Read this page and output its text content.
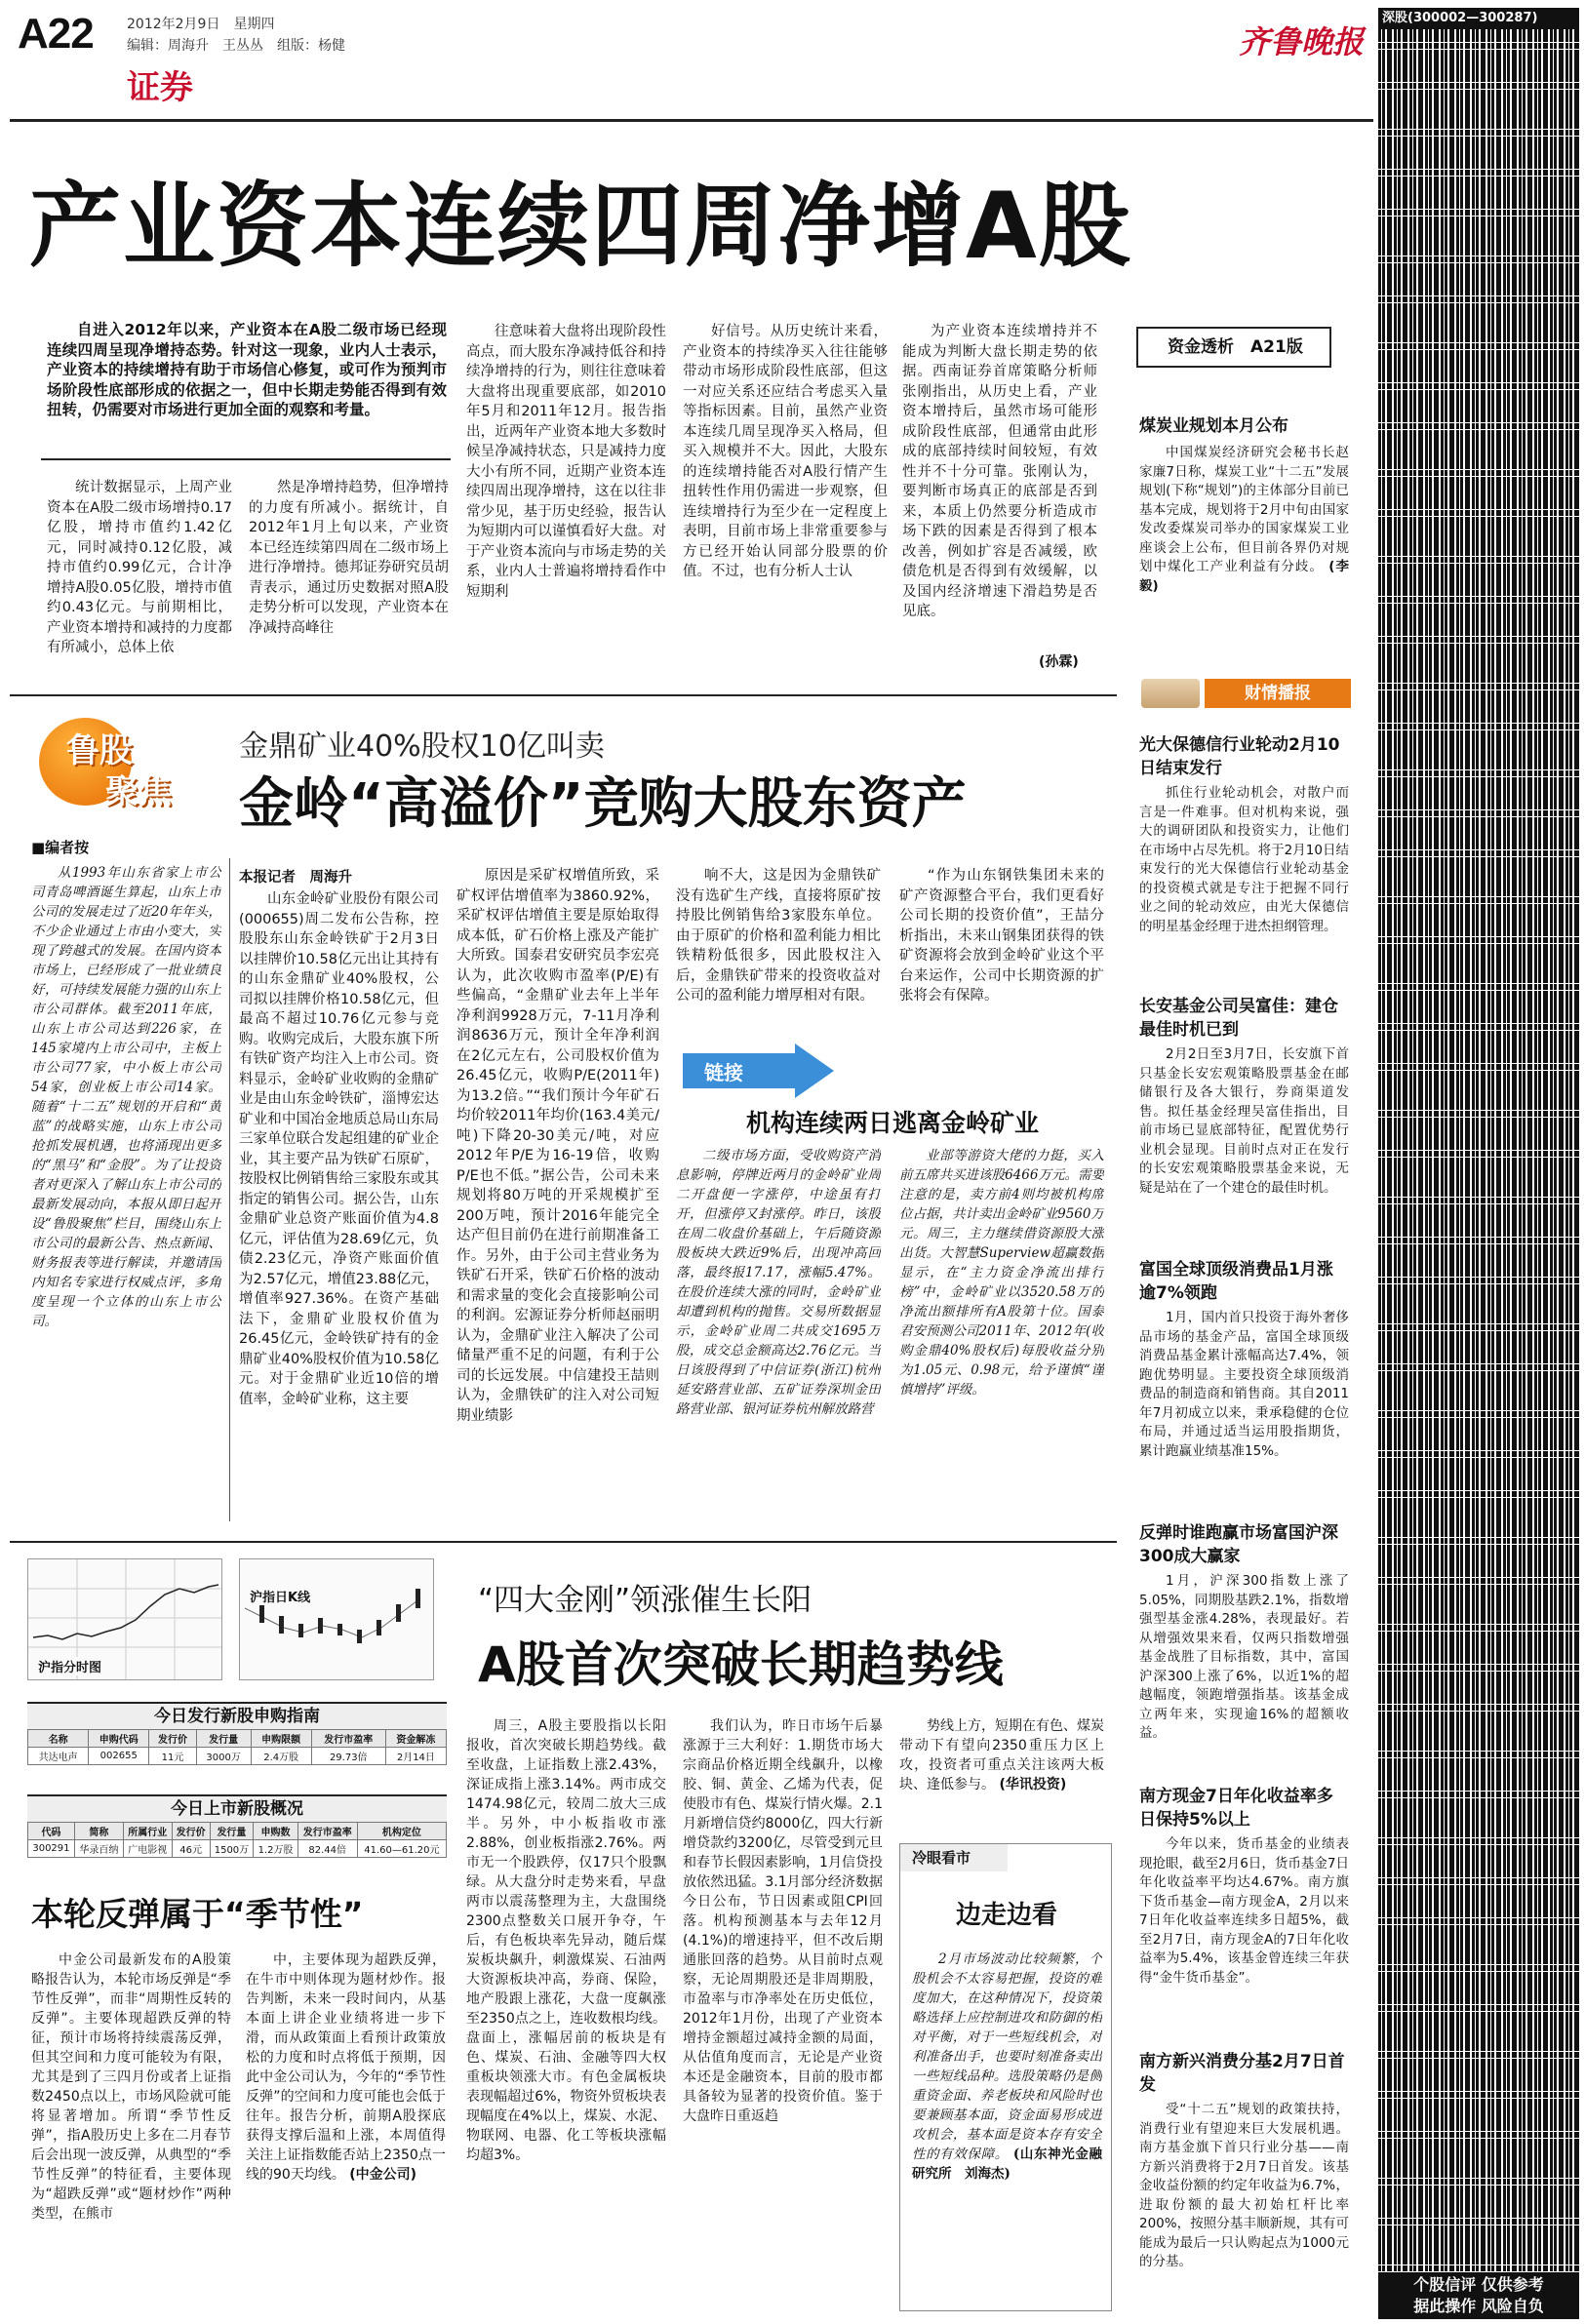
A22 2012年2月9日　星期四
编辑：周海升　王丛丛　组版：杨健
证券
齐鲁晚报
深股(300002—300287)
个股信评 仅供参考
据此操作 风险自负
产业资本连续四周净增A股
自进入2012年以来，产业资本在A股二级市场已经现连续四周呈现净增持态势。针对这一现象，业内人士表示，产业资本的持续增持有助于市场信心修复，或可作为预判市场阶段性底部形成的依据之一，但中长期走势能否得到有效扭转，仍需要对市场进行更加全面的观察和考量。
统计数据显示，上周产业资本在A股二级市场增持0.17亿股，增持市值约1.42亿元，同时减持0.12亿股，减持市值约0.99亿元，合计净增持A股0.05亿股，增持市值约0.43亿元。与前期相比，产业资本增持和减持的力度都有所减小，总体上依
然是净增持趋势，但净增持的力度有所减小。据统计，自2012年1月上旬以来，产业资本已经连续第四周在二级市场上进行净增持。德邦证券研究员胡青表示，通过历史数据对照A股走势分析可以发现，产业资本在净减持高峰往
往意味着大盘将出现阶段性高点，而大股东净减持低谷和持续净增持的行为，则往往意味着大盘将出现重要底部，如2010年5月和2011年12月。报告指出，近两年产业资本地大多数时候呈净减持状态，只是减持力度大小有所不同，近期产业资本连续四周出现净增持，这在以往非常少见，基于历史经验，报告认为短期内可以谨慎看好大盘。对于产业资本流向与市场走势的关系，业内人士普遍将增持看作中短期利
好信号。从历史统计来看，产业资本的持续净买入往往能够带动市场形成阶段性底部，但这一对应关系还应结合考虑买入量等指标因素。目前，虽然产业资本连续几周呈现净买入格局，但买入规模并不大。因此，大股东的连续增持能否对A股行情产生扭转性作用仍需进一步观察，但连续增持行为至少在一定程度上表明，目前市场上非常重要参与方已经开始认同部分股票的价值。不过，也有分析人士认
为产业资本连续增持并不能成为判断大盘长期走势的依据。西南证券首席策略分析师张刚指出，从历史上看，产业资本增持后，虽然市场可能形成阶段性底部，但通常由此形成的底部持续时间较短，有效性并不十分可靠。张刚认为，要判断市场真正的底部是否到来，本质上仍然要分析造成市场下跌的因素是否得到了根本改善，例如扩容是否减缓，欧债危机是否得到有效缓解，以及国内经济增速下滑趋势是否见底。
(孙霖)
资金透析　A21版
煤炭业规划本月公布
中国煤炭经济研究会秘书长赵家廉7日称，煤炭工业“十二五”发展规划(下称“规划”)的主体部分目前已基本完成，规划将于2月中旬由国家发改委煤炭司举办的国家煤炭工业座谈会上公布，但目前各界仍对规划中煤化工产业利益有分歧。 (李毅)
财情播报
光大保德信行业轮动2月10日结束发行
抓住行业轮动机会，对散户而言是一件难事。但对机构来说，强大的调研团队和投资实力，让他们在市场中占尽先机。将于2月10日结束发行的光大保德信行业轮动基金的投资模式就是专注于把握不同行业之间的轮动效应，由光大保德信的明星基金经理于进杰担纲管理。
长安基金公司吴富佳：建仓最佳时机已到
2月2日至3月7日，长安旗下首只基金长安宏观策略股票基金在邮储银行及各大银行，券商渠道发售。拟任基金经理吴富佳指出，目前市场已显底部特征，配置优势行业机会显现。目前时点对正在发行的长安宏观策略股票基金来说，无疑是站在了一个建仓的最佳时机。
富国全球顶级消费品1月涨逾7%领跑
1月，国内首只投资于海外奢侈品市场的基金产品，富国全球顶级消费品基金累计涨幅高达7.4%，领跑优势明显。主要投资全球顶级消费品的制造商和销售商。其自2011年7月初成立以来，秉承稳健的仓位布局，并通过适当运用股指期货，累计跑赢业绩基准15%。
反弹时谁跑赢市场富国沪深300成大赢家
1月，沪深300指数上涨了5.05%，同期股基跌2.1%，指数增强型基金涨4.28%，表现最好。若从增强效果来看，仅两只指数增强基金战胜了目标指数，其中，富国沪深300上涨了6%，以近1%的超越幅度，领跑增强指基。该基金成立两年来，实现逾16%的超额收益。
南方现金7日年化收益率多日保持5%以上
今年以来，货币基金的业绩表现抢眼，截至2月6日，货币基金7日年化收益率平均达4.67%。南方旗下货币基金—南方现金A，2月以来7日年化收益率连续多日超5%，截至2月7日，南方现金A的7日年化收益率为5.4%，该基金曾连续三年获得“金牛货币基金”。
南方新兴消费分基2月7日首发
受“十二五”规划的政策扶持，消费行业有望迎来巨大发展机遇。南方基金旗下首只行业分基——南方新兴消费将于2月7日首发。该基金收益份额的约定年收益为6.7%，进取份额的最大初始杠杆比率200%，按照分基丰顺新规，其有可能成为最后一只认购起点为1000元的分基。
鲁股
聚焦
金鼎矿业40%股权10亿叫卖
金岭“高溢价”竞购大股东资产
■编者按
从1993年山东省家上市公司青岛啤酒诞生算起，山东上市公司的发展走过了近20年年头，不少企业通过上市由小变大，实现了跨越式的发展。在国内资本市场上，已经形成了一批业绩良好，可持续发展能力强的山东上市公司群体。截至2011年底，山东上市公司达到226家，在145家境内上市公司中，主板上市公司77家，中小板上市公司54家，创业板上市公司14家。随着“十二五”规划的开启和“黄蓝”的战略实施，山东上市公司抢抓发展机遇，也将涌现出更多的“黑马”和“金股”。为了让投资者对更深入了解山东上市公司的最新发展动向，本报从即日起开设“鲁股聚焦”栏目，围绕山东上市公司的最新公告、热点新闻、财务报表等进行解读，并邀请国内知名专家进行权威点评，多角度呈现一个立体的山东上市公司。
本报记者　周海升
山东金岭矿业股份有限公司(000655)周二发布公告称，控股股东山东金岭铁矿于2月3日以挂牌价10.58亿元出让其持有的山东金鼎矿业40%股权，公司拟以挂牌价格10.58亿元，但最高不超过10.76亿元参与竞购。收购完成后，大股东旗下所有铁矿资产均注入上市公司。资料显示，金岭矿业收购的金鼎矿业是由山东金岭铁矿，淄博宏达矿业和中国冶金地质总局山东局三家单位联合发起组建的矿业企业，其主要产品为铁矿石原矿，按股权比例销售给三家股东或其指定的销售公司。据公告，山东金鼎矿业总资产账面价值为4.8亿元，评估值为28.69亿元，负债2.23亿元，净资产账面价值为2.57亿元，增值23.88亿元，增值率927.36%。在资产基础法下，金鼎矿业股权价值为26.45亿元，金岭铁矿持有的金鼎矿业40%股权价值为10.58亿元。对于金鼎矿业近10倍的增值率，金岭矿业称，这主要
原因是采矿权增值所致，采矿权评估增值率为3860.92%，采矿权评估增值主要是原始取得成本低，矿石价格上涨及产能扩大所致。国泰君安研究员李宏亮认为，此次收购市盈率(P/E)有些偏高，“金鼎矿业去年上半年净利润9928万元，7-11月净利润8636万元，预计全年净利润在2亿元左右，公司股权价值为26.45亿元，收购P/E(2011年)为13.2倍。”“我们预计今年矿石均价较2011年均价(163.4美元/吨)下降20-30美元/吨，对应2012年P/E为16-19倍，收购P/E也不低。”据公告，公司未来规划将80万吨的开采规模扩至200万吨，预计2016年能完全达产但目前仍在进行前期准备工作。另外，由于公司主营业务为铁矿石开采，铁矿石价格的波动和需求量的变化会直接影响公司的利润。宏源证券分析师赵丽明认为，金鼎矿业注入解决了公司储量严重不足的问题，有利于公司的长远发展。中信建投王喆则认为，金鼎铁矿的注入对公司短期业绩影
响不大，这是因为金鼎铁矿没有选矿生产线，直接将原矿按持股比例销售给3家股东单位。由于原矿的价格和盈利能力相比铁精粉低很多，因此股权注入后，金鼎铁矿带来的投资收益对公司的盈利能力增厚相对有限。
“作为山东钢铁集团未来的矿产资源整合平台，我们更看好公司长期的投资价值”，王喆分析指出，未来山钢集团获得的铁矿资源将会放到金岭矿业这个平台来运作，公司中长期资源的扩张将会有保障。
链接
机构连续两日逃离金岭矿业
二级市场方面，受收购资产消息影响，停牌近两月的金岭矿业周二开盘便一字涨停，中途虽有打开，但涨停又封涨停。昨日，该股在周二收盘价基础上，午后随资源股板块大跌近9%后，出现冲高回落，最终报17.17，涨幅5.47%。在股价连续大涨的同时，金岭矿业却遭到机构的抛售。交易所数据显示，金岭矿业周二共成交1695万股，成交总金额高达2.76亿元。当日该股得到了中信证券(浙江)杭州延安路营业部、五矿证券深圳金田路营业部、银河证券杭州解放路营
业部等游资大佬的力挺，买入前五席共买进该股6466万元。需要注意的是，卖方前4则均被机构席位占据，共计卖出金岭矿业9560万元。周三，主力继续借资源股大涨出货。大智慧Superview超赢数据显示，在“主力资金净流出排行榜”中，金岭矿业以3520.58万的净流出额排所有A股第十位。国泰君安预测公司2011年、2012年(收购金鼎40%股权后)每股收益分别为1.05元、0.98元，给予谨慎“谨慎增持”评级。
沪指分时图
沪指日K线
今日发行新股申购指南
名称	申购代码	发行价	发行量	申购限额	发行市盈率	资金解冻
共达电声	002655	11元	3000万	2.4万股	29.73倍	2月14日
今日上市新股概况
代码	简称	所属行业	发行价	发行量	申购数	发行市盈率	机构定位
300291	华录百纳	广电影视	46元	1500万	1.2万股	82.44倍	41.60—61.20元
本轮反弹属于“季节性”
中金公司最新发布的A股策略报告认为，本轮市场反弹是“季节性反弹”，而非“周期性反转的反弹”。主要体现超跌反弹的特征，预计市场将持续震荡反弹，但其空间和力度可能较为有限，尤其是到了三四月份或者上证指数2450点以上，市场风险就可能将显著增加。所谓“季节性反弹”，指A股历史上多在二月春节后会出现一波反弹，从典型的“季节性反弹”的特征看，主要体现为“超跌反弹”或“题材炒作”两种类型，在熊市
中，主要体现为超跌反弹，在牛市中则体现为题材炒作。报告判断，未来一段时间内，从基本面上讲企业业绩将进一步下滑，而从政策面上看预计政策放松的力度和时点将低于预期，因此中金公司认为，今年的“季节性反弹”的空间和力度可能也会低于往年。报告分析，前期A股探底获得支撑后温和上涨，本周值得关注上证指数能否站上2350点一线的90天均线。 (中金公司)
“四大金刚”领涨催生长阳
A股首次突破长期趋势线
周三，A股主要股指以长阳报收，首次突破长期趋势线。截至收盘，上证指数上涨2.43%，深证成指上涨3.14%。两市成交1474.98亿元，较周二放大三成半。另外，中小板指收市涨2.88%，创业板指涨2.76%。两市无一个股跌停，仅17只个股飘绿。从大盘分时走势来看，早盘两市以震荡整理为主，大盘围绕2300点整数关口展开争夺，午后，有色板块率先异动，随后煤炭板块飙升，刺激煤炭、石油两大资源板块冲高，券商、保险，地产股跟上涨花，大盘一度飙涨至2350点之上，连收数根均线。盘面上，涨幅居前的板块是有色、煤炭、石油、金融等四大权重板块领涨大市。有色金属板块表现幅超过6%，物资外贸板块表现幅度在4%以上，煤炭、水泥、物联网、电器、化工等板块涨幅均超3%。
我们认为，昨日市场午后暴涨源于三大利好：1.期货市场大宗商品价格近期全线飙升，以橡胶、铜、黄金、乙烯为代表，促使股市有色、煤炭行情火爆。2.1月新增信贷约8000亿，四大行新增贷款约3200亿，尽管受到元旦和春节长假因素影响，1月信贷投放依然迅猛。3.1月部分经济数据今日公布，节日因素或阻CPI回落。机构预测基本与去年12月(4.1%)的增速持平，但不改后期通胀回落的趋势。从目前时点观察，无论周期股还是非周期股，市盈率与市净率处在历史低位，2012年1月份，出现了产业资本增持金额超过减持金额的局面，从估值角度而言，无论是产业资本还是金融资本，目前的股市都具备较为显著的投资价值。鉴于大盘昨日重返趋
势线上方，短期在有色、煤炭带动下有望向2350重压力区上攻，投资者可重点关注该两大板块、逢低参与。 (华讯投资)
冷眼看市
边走边看
2月市场波动比较频繁，个股机会不太容易把握，投资的难度加大，在这种情况下，投资策略选择上应控制进攻和防御的相对平衡，对于一些短线机会，对利准备出手，也要时刻准备卖出一些短线品种。选股策略仍是侧重资金面、养老板块和风险时也要兼顾基本面，资金面易形成进攻机会，基本面是资本存有安全性的有效保障。 (山东神光金融研究所　刘海杰)
